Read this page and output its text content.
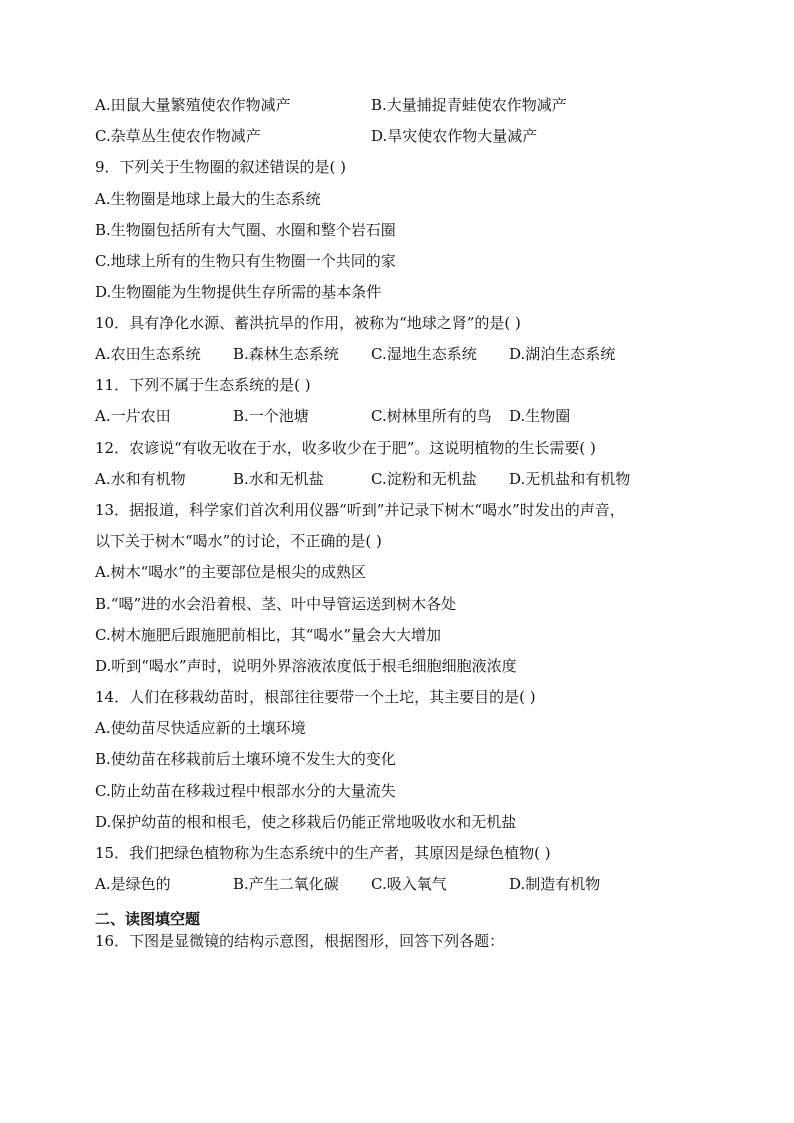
A.田鼠大量繁殖使农作物减产	B.大量捕捉青蛙使农作物减产
C.杂草丛生使农作物减产	D.旱灾使农作物大量减产
9．下列关于生物圈的叙述错误的是( )
A.生物圈是地球上最大的生态系统
B.生物圈包括所有大气圈、水圈和整个岩石圈
C.地球上所有的生物只有生物圈一个共同的家
D.生物圈能为生物提供生存所需的基本条件
10．具有净化水源、蓄洪抗旱的作用，被称为“地球之肾”的是( )
A.农田生态系统 B.森林生态系统 C.湿地生态系统 D.湖泊生态系统
11．下列不属于生态系统的是( )
A.一片农田	B.一个池塘	C.树林里所有的鸟 D.生物圈
12．农谚说“有收无收在于水，收多收少在于肥”。这说明植物的生长需要( )
A.水和有机物	B.水和无机盐	C.淀粉和无机盐 D.无机盐和有机物
13．据报道，科学家们首次利用仪器“听到”并记录下树木“喝水”时发出的声音，
以下关于树木“喝水”的讨论，不正确的是( )
A.树木“喝水”的主要部位是根尖的成熟区
B.“喝”进的水会沿着根、茎、叶中导管运送到树木各处
C.树木施肥后跟施肥前相比，其“喝水”量会大大增加
D.听到“喝水”声时，说明外界溶液浓度低于根毛细胞细胞液浓度
14．人们在移栽幼苗时，根部往往要带一个土坨，其主要目的是( )
A.使幼苗尽快适应新的土壤环境
B.使幼苗在移栽前后土壤环境不发生大的变化
C.防止幼苗在移栽过程中根部水分的大量流失
D.保护幼苗的根和根毛，使之移栽后仍能正常地吸收水和无机盐
15．我们把绿色植物称为生态系统中的生产者，其原因是绿色植物( )
A.是绿色的	B.产生二氧化碳 C.吸入氧气	D.制造有机物
二、读图填空题
16．下图是显微镜的结构示意图，根据图形，回答下列各题：
